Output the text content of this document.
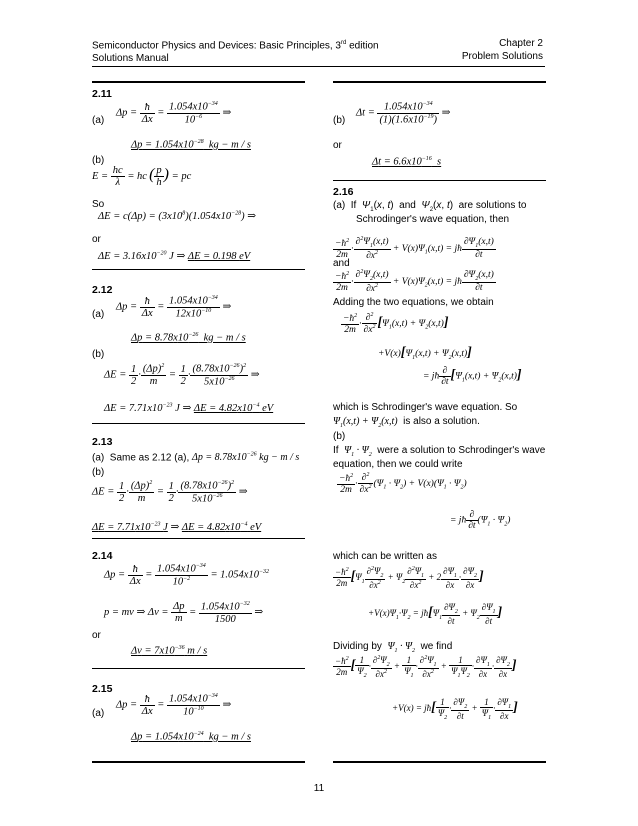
Semiconductor Physics and Devices: Basic Principles, 3rd edition
Solutions Manual
Chapter 2
Problem Solutions
2.11
(a)
$\Delta p = \frac{ħ}{\Delta x} = \frac{1.054x10^{-34}}{10^{-6}}$ ⇒
$\Delta p = 1.054x10^{-28}$  kg − m / s
(b)
$E = \frac{hc}{\lambda}$ = hc  ( $\frac{p}{h}$ ) = pc
So
$\Delta E = c(\Delta p) = (3x10^8)(1.054x10^{-28})$ ⇒
or
$\Delta E = 3.16x10^{-20}$ J ⇒ ΔE = 0.198 eV
2.12
(a)
$\Delta p = \frac{ħ}{\Delta x} = \frac{1.054x10^{-34}}{12x10^{-10}}$ ⇒
$\Delta p = 8.78x10^{-26}$  kg − m / s
(b)
$\Delta E = \frac{1}{2} \cdot \frac{(\Delta p)^2}{m} = \frac{1}{2} \cdot \frac{(8.78x10^{-26})^2}{5x10^{-26}}$ ⇒
$\Delta E = 7.71x10^{-23}$ J ⇒ $\Delta E = 4.82x10^{-4}$ eV
2.13
(a)  Same as 2.12 (a), $\Delta p = 8.78x10^{-26}$ kg − m / s
(b)
$\Delta E = \frac{1}{2} \cdot \frac{(\Delta p)^2}{m} = \frac{1}{2} \cdot \frac{(8.78x10^{-26})^2}{5x10^{-26}}$ ⇒
$\Delta E = 7.71x10^{-23}$ J ⇒ $\Delta E = 4.82x10^{-4}$ eV
2.14
$\Delta p = \frac{ħ}{\Delta x} = \frac{1.054x10^{-34}}{10^{-2}} = 1.054x10^{-32}$
p = mv ⇒ $\Delta v = \frac{\Delta p}{m} = \frac{1.054x10^{-32}}{1500}$ ⇒
or
$\Delta v = 7x10^{-36}$ m / s
2.15
(a)
$\Delta p = \frac{ħ}{\Delta x} = \frac{1.054x10^{-34}}{10^{-10}}$ ⇒
$\Delta p = 1.054x10^{-24}$  kg − m / s
(b)
$\Delta t = \frac{1.054x10^{-34}}{(1)(1.6x10^{-19})}$ ⇒
or
$\Delta t = 6.6x10^{-16}$ s
2.16
(a)  If  $\Psi_1(x$, t)  and  $\Psi_2(x$, t)  are solutions to
Schrodinger's wave equation, then
$\frac{-ħ^2}{2m} \cdot \frac{\partial^2\Psi_1(x,t)}{\partial x^2} + V(x)\Psi_1(x,t)$ = jħ $\frac{\partial\Psi_1(x,t)}{\partial t}$
and
$\frac{-ħ^2}{2m} \cdot \frac{\partial^2\Psi_2(x,t)}{\partial x^2} + V(x)\Psi_2(x,t)$ = jħ $\frac{\partial\Psi_2(x,t)}{\partial t}$
Adding the two equations, we obtain
$\frac{-ħ^2}{2m} \cdot \frac{\partial^2}{\partial x^2} [\Psi_1(x,t) + \Psi_2(x,t)]$
$+V(x)[\Psi_1(x,t) + \Psi_2(x,t)]$
= jħ $\frac{\partial}{\partial t} [\Psi_1(x,t) + \Psi_2(x,t)]$
which is Schrodinger's wave equation. So
$\Psi_1(x,t) + \Psi_2(x,t)$  is also a solution.
(b)
If  $\Psi_1 \cdot \Psi_2$  were a solution to Schrodinger's wave
equation, then we could write
$\frac{-ħ^2}{2m} \cdot \frac{\partial^2}{\partial x^2} (\Psi_1 \cdot \Psi_2) + V(x)(\Psi_1 \cdot \Psi_2)$
= jħ $\frac{\partial}{\partial t} (\Psi_1 \cdot \Psi_2)$
which can be written as
$\frac{-ħ^2}{2m} [\Psi_1 \frac{\partial^2\Psi_2}{\partial x^2} + \Psi_2 \frac{\partial^2\Psi_1}{\partial x^2} + 2 \frac{\partial\Psi_1}{\partial x} \cdot \frac{\partial\Psi_2}{\partial x}$ ]
$+V(x)\Psi_1\cdot\Psi_2$ = $jħ[\Psi_1 \frac{\partial\Psi_2}{\partial t} + \Psi_2 \frac{\partial\Psi_1}{\partial t}$ ]
Dividing by  $\Psi_1 \cdot \Psi_2$  we find
$\frac{-ħ^2}{2m}$ [ $\frac{1}{\Psi_2} \cdot \frac{\partial^2\Psi_2}{\partial x^2} + \frac{1}{\Psi_1} \cdot \frac{\partial^2\Psi_1}{\partial x^2} + \frac{1}{\Psi_1\Psi_2} \cdot \frac{\partial\Psi_1}{\partial x} \cdot \frac{\partial\Psi_2}{\partial x}$ ]
+V(x) = jħ[ $\frac{1}{\Psi_2} \cdot \frac{\partial\Psi_2}{\partial t} + \frac{1}{\Psi_1} \cdot \frac{\partial\Psi_1}{\partial x}$ ]
11
